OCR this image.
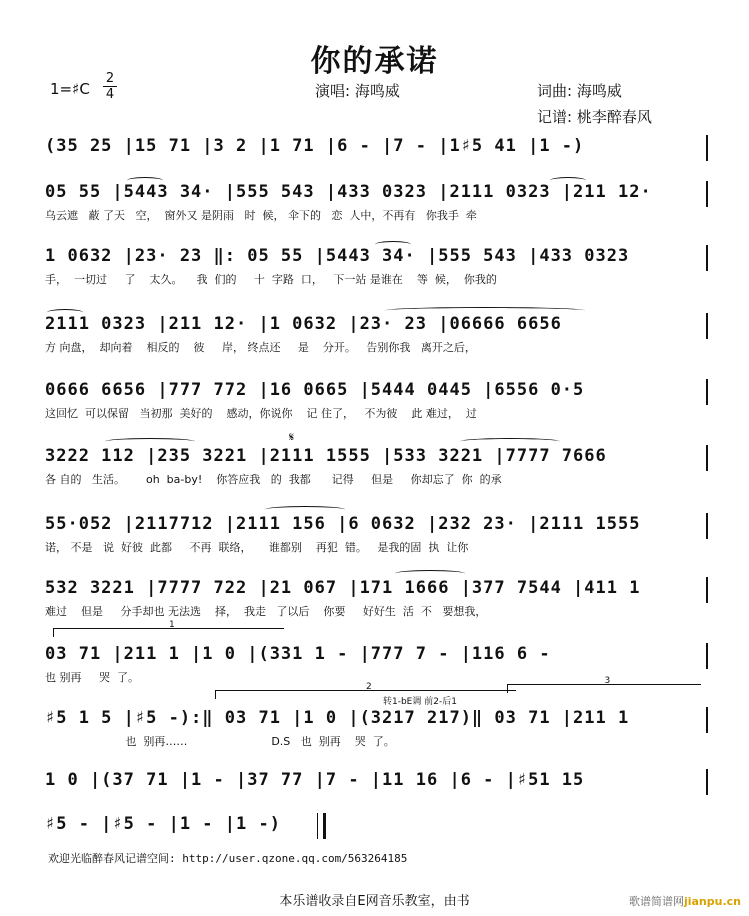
你的承诺
1=♯C
2
4	演唱: 海鸣威	词曲: 海鸣威
记谱: 桃李醉春风
(35 25 |15 71 |3 2 |1 71 |6 - |7 - |1♯5 41 |1 -)
05 55 |5443 34· |555 543 |433 0323 |2111 0323 |211 12·
乌云遮   蔽 了天   空，  窗外又 是阴雨   时  候， 伞下的   恋  人中，不再有   你我手  牵
1 0632 |23· 23 ‖: 05 55 |5443 34· |555 543 |433 0323
手，  一切过     了    太久。    我  们的     十  字路  口，   下一站 是谁在    等  候，  你我的
2111 0323 |211 12· |1 0632 |23· 23 |06666 6656
方 向盘，  却向着    相反的    彼     岸， 终点还     是    分开。   告别你我   离开之后，
0666 6656 |777 772 |16 0665 |5444 0445 |6556 0·5
这回忆  可以保留   当初那  美好的    感动，你说你    记 住了，   不为彼    此 难过，  过
𝄋
3222 112 |235 3221 |2111 1555 |533 3221 |7777 7666
各 自的   生活。      oh  ba-by!    你答应我   的  我都      记得     但是     你却忘了  你  的承
55·052 |2117712 |2111 156 |6 0632 |232 23· |2111 1555
诺， 不是   说  好彼  此都     不再  联络，     谁都别    再犯  错。   是我的固  执  让你
532 3221 |7777 722 |21 067 |171 1666 |377 7544 |411 1
难过    但是     分手却也 无法选    择，  我走   了以后    你要     好好生  活  不   要想我，
1
03 71 |211 1 |1 0 |(331 1 - |777 7 - |116 6 -
也 别再     哭  了。
2
3
转1-bE调 前2-后1
♯5 1 5 |♯5 -):‖ 03 71 |1 0 |(3217 217)‖ 03 71 |211 1
也  别再……                        D.S   也  别再    哭  了。
1 0 |(37 71 |1 - |37 77 |7 - |11 16 |6 - |♯51 15
♯5 - |♯5 - |1 - |1 -)
欢迎光临醉春风记谱空间: http://user.qzone.qq.com/563264185
本乐谱收录自E网音乐教室，由书	歌谱简谱网jianpu.cn
